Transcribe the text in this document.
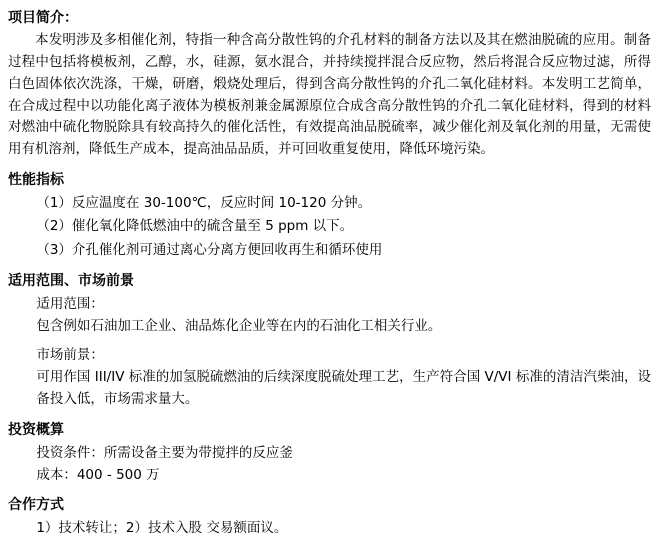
项目简介：
本发明涉及多相催化剂，特指一种含高分散性钨的介孔材料的制备方法以及其在燃油脱硫的应用。制备过程中包括将模板剂，乙醇，水，硅源，氨水混合，并持续搅拌混合反应物，然后将混合反应物过滤，所得白色固体依次洗涤，干燥，研磨，煅烧处理后，得到含高分散性钨的介孔二氧化硅材料。本发明工艺简单，在合成过程中以功能化离子液体为模板剂兼金属源原位合成含高分散性钨的介孔二氧化硅材料，得到的材料对燃油中硫化物脱除具有较高持久的催化活性，有效提高油品脱硫率，减少催化剂及氧化剂的用量，无需使用有机溶剂，降低生产成本，提高油品品质，并可回收重复使用，降低环境污染。
性能指标
（1）反应温度在 30-100℃，反应时间 10-120 分钟。
（2）催化氧化降低燃油中的硫含量至 5 ppm 以下。
（3）介孔催化剂可通过离心分离方便回收再生和循环使用
适用范围、市场前景
适用范围：
包含例如石油加工企业、油品炼化企业等在内的石油化工相关行业。
市场前景：
可用作国 III/IV 标准的加氢脱硫燃油的后续深度脱硫处理工艺，生产符合国 V/VI 标准的清洁汽柴油，设备投入低，市场需求量大。
投资概算
投资条件：所需设备主要为带搅拌的反应釜
成本：400 - 500 万
合作方式
1）技术转让；2）技术入股 交易额面议。
